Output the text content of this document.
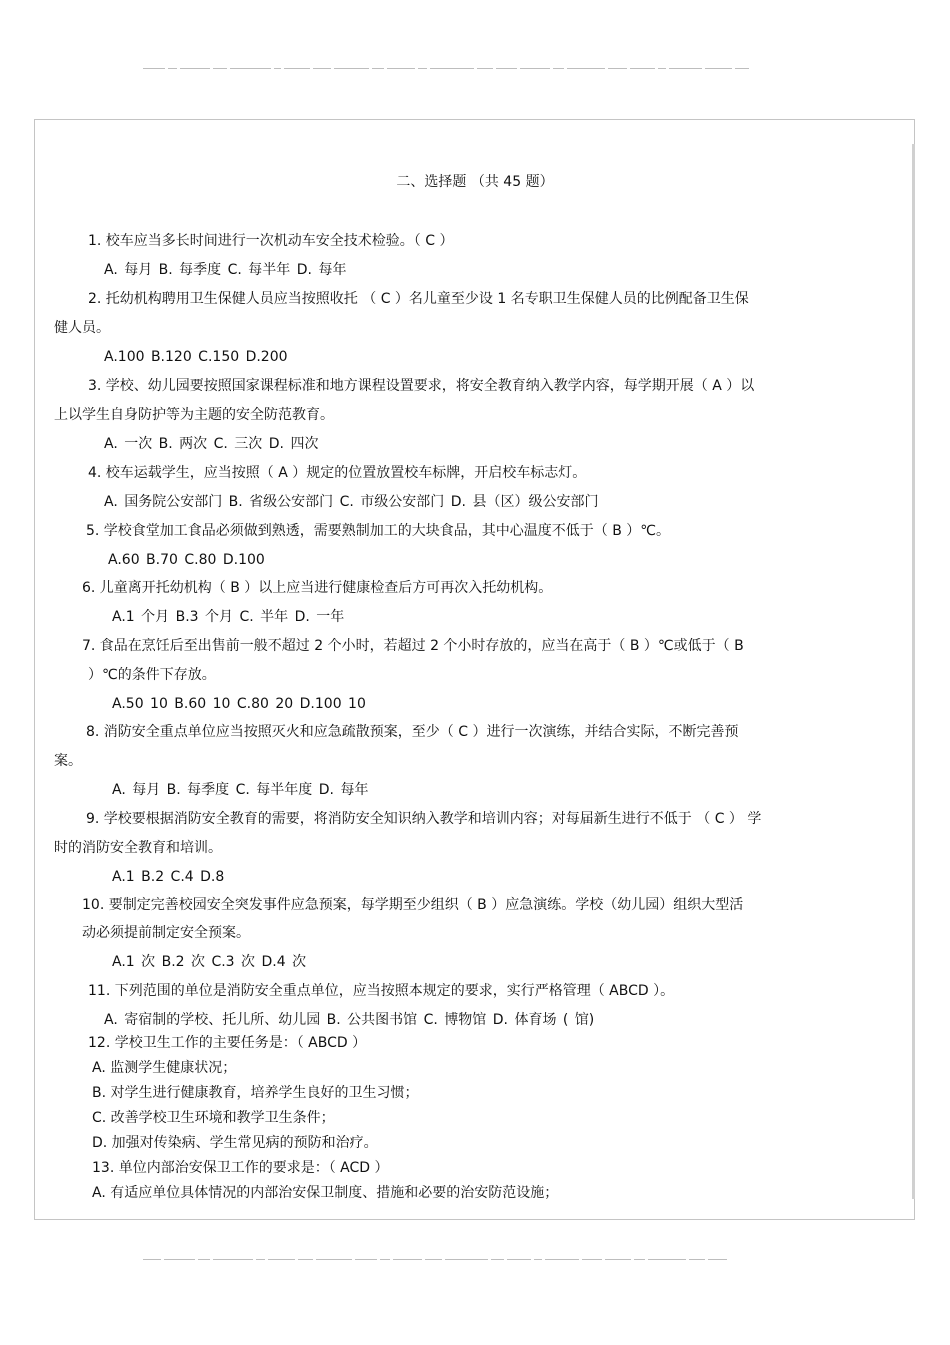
二、选择题 （共 45 题）
1. 校车应当多长时间进行一次机动车安全技术检验。（ C ）
A. 每月 B. 每季度 C. 每半年 D. 每年
2. 托幼机构聘用卫生保健人员应当按照收托 （ C ）名儿童至少设 1 名专职卫生保健人员的比例配备卫生保
健人员。
A.100 B.120 C.150 D.200
3. 学校、幼儿园要按照国家课程标准和地方课程设置要求，将安全教育纳入教学内容，每学期开展（ A ）以
上以学生自身防护等为主题的安全防范教育。
A. 一次 B. 两次 C. 三次 D. 四次
4. 校车运载学生，应当按照（ A ）规定的位置放置校车标牌，开启校车标志灯。
A. 国务院公安部门 B. 省级公安部门 C. 市级公安部门 D. 县（区）级公安部门
5. 学校食堂加工食品必须做到熟透，需要熟制加工的大块食品，其中心温度不低于（ B ）℃。
A.60 B.70 C.80 D.100
6. 儿童离开托幼机构（ B ）以上应当进行健康检查后方可再次入托幼机构。
A.1 个月 B.3 个月 C. 半年 D. 一年
7. 食品在烹饪后至出售前一般不超过 2 个小时，若超过 2 个小时存放的，应当在高于（ B ）℃或低于（ B
）℃的条件下存放。
A.50 10 B.60 10 C.80 20 D.100 10
8. 消防安全重点单位应当按照灭火和应急疏散预案，至少（ C ）进行一次演练，并结合实际，不断完善预
案。
A. 每月 B. 每季度 C. 每半年度 D. 每年
9. 学校要根据消防安全教育的需要，将消防安全知识纳入教学和培训内容；对每届新生进行不低于 （ C ） 学
时的消防安全教育和培训。
A.1 B.2 C.4 D.8
10. 要制定完善校园安全突发事件应急预案，每学期至少组织（ B ）应急演练。学校（幼儿园）组织大型活
动必须提前制定安全预案。
A.1 次 B.2 次 C.3 次 D.4 次
11. 下列范围的单位是消防安全重点单位，应当按照本规定的要求，实行严格管理（ ABCD ）。
A. 寄宿制的学校、托儿所、幼儿园 B. 公共图书馆 C. 博物馆 D. 体育场 ( 馆)
12. 学校卫生工作的主要任务是：（ ABCD ）
A. 监测学生健康状况；
B. 对学生进行健康教育，培养学生良好的卫生习惯；
C. 改善学校卫生环境和教学卫生条件；
D. 加强对传染病、学生常见病的预防和治疗。
13. 单位内部治安保卫工作的要求是：（ ACD ）
A. 有适应单位具体情况的内部治安保卫制度、措施和必要的治安防范设施；
